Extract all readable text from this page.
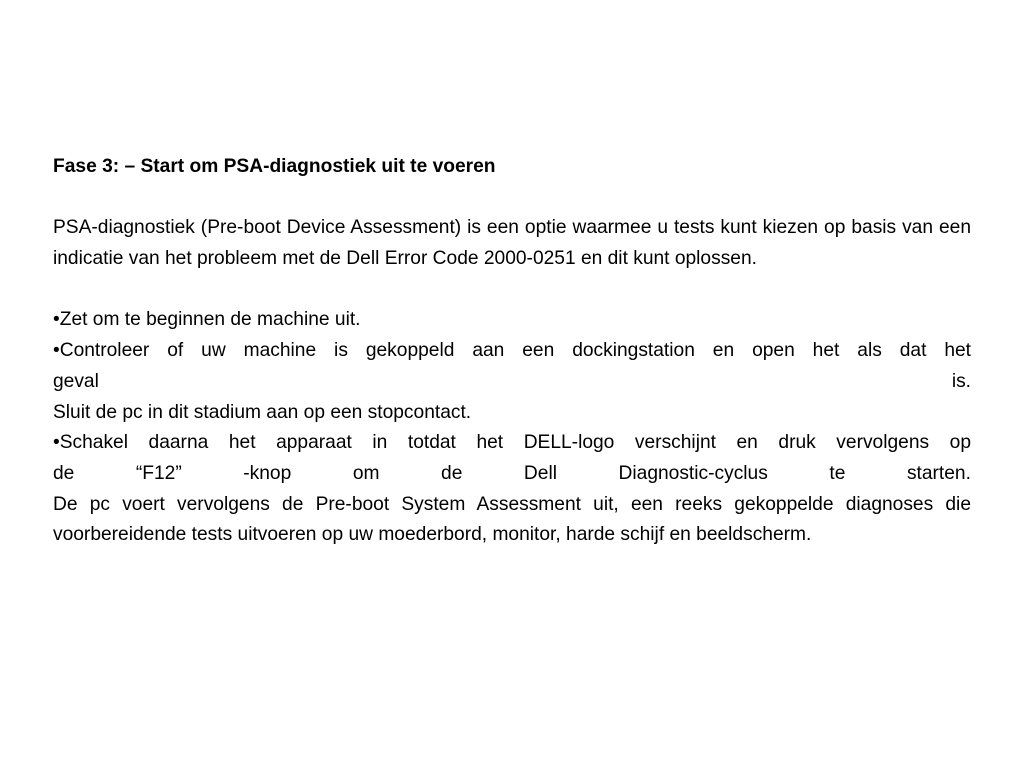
Fase 3: – Start om PSA-diagnostiek uit te voeren

PSA-diagnostiek (Pre-boot Device Assessment) is een optie waarmee u tests kunt kiezen op basis van een indicatie van het probleem met de Dell Error Code 2000-0251 en dit kunt oplossen.

•Zet om te beginnen de machine uit.

•Controleer of uw machine is gekoppeld aan een dockingstation en open het als dat het

geval	is.

Sluit de pc in dit stadium aan op een stopcontact.

•Schakel daarna het apparaat in totdat het DELL-logo verschijnt en druk vervolgens op

de	“F12”	-knop	om	de	Dell	Diagnostic-cyclus	te	starten.

De pc voert vervolgens de Pre-boot System Assessment uit, een reeks gekoppelde diagnoses die voorbereidende tests uitvoeren op uw moederbord, monitor, harde schijf en beeldscherm.
